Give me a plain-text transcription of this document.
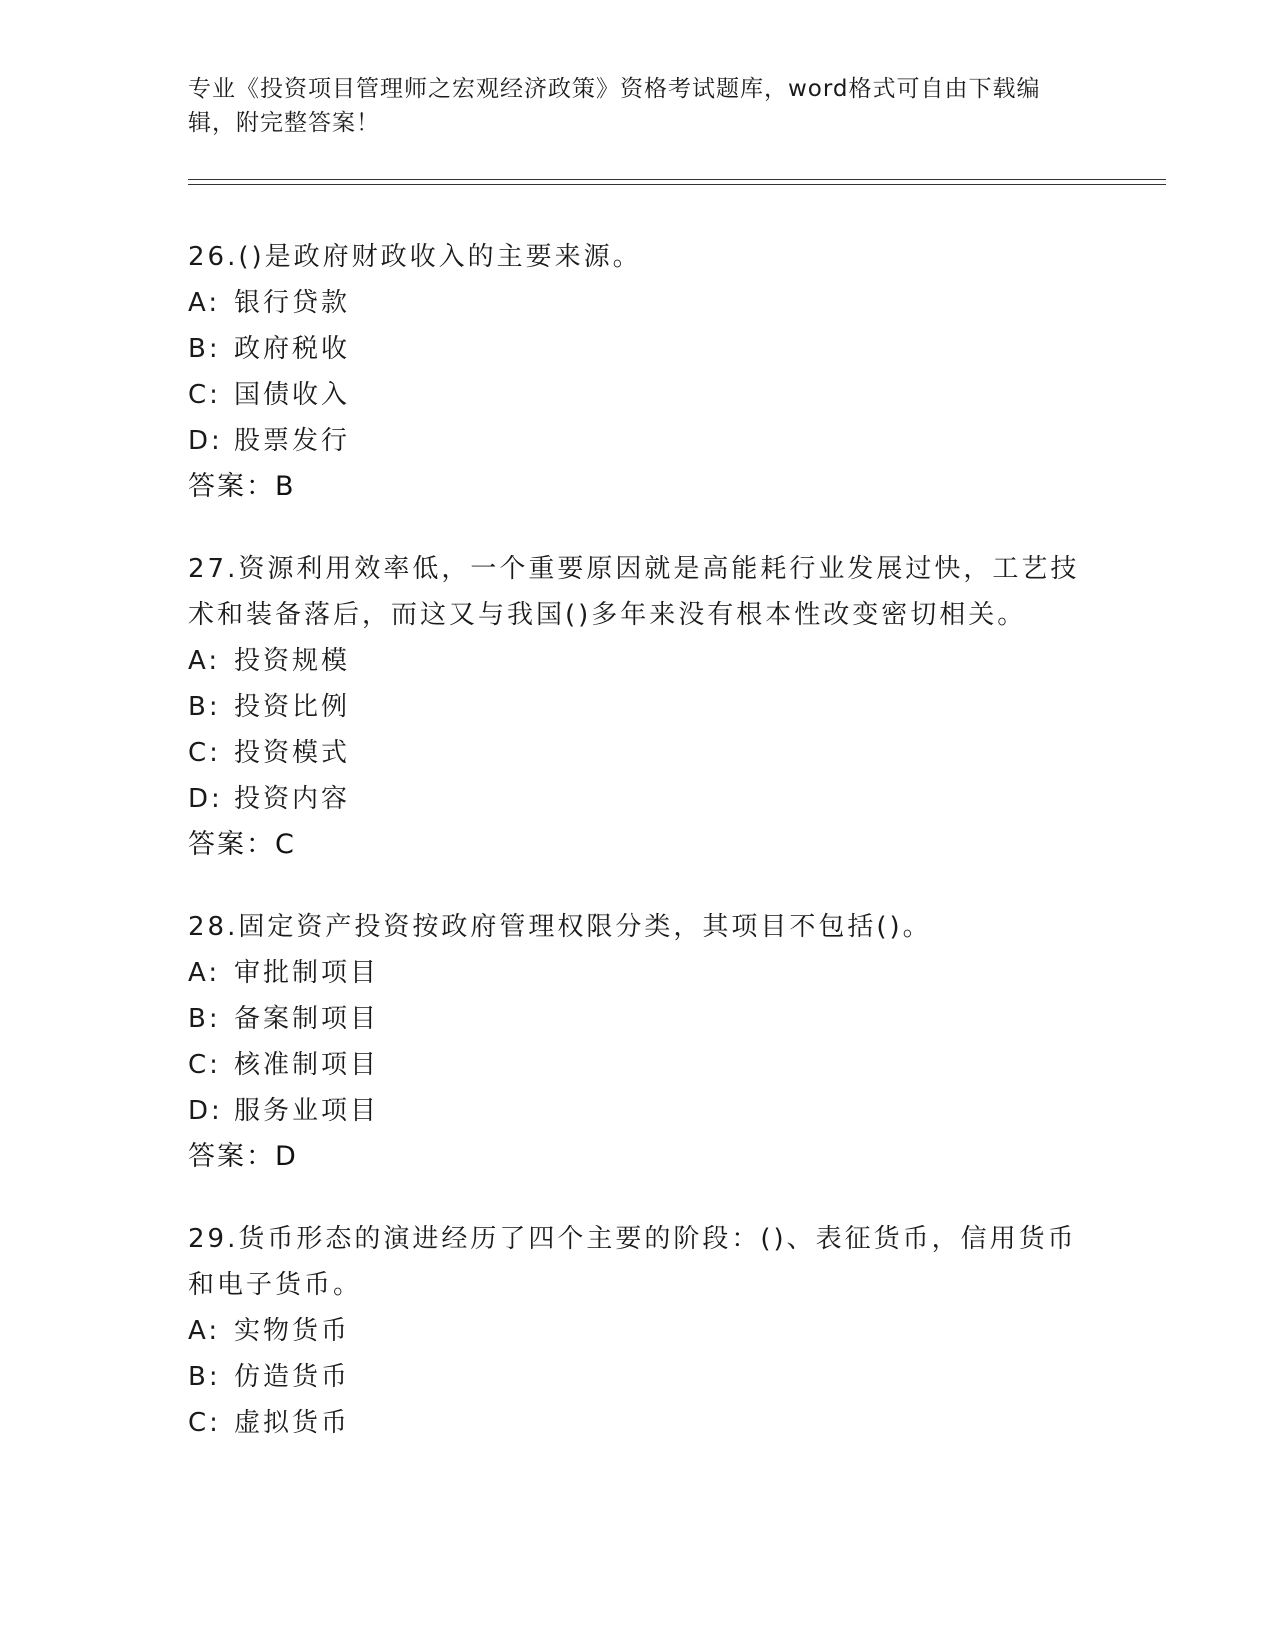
专业《投资项目管理师之宏观经济政策》资格考试题库，word格式可自由下载编
辑，附完整答案！

26.()是政府财政收入的主要来源。

A: 银行贷款

B: 政府税收

C: 国债收入

D: 股票发行

答案：B

27.资源利用效率低，一个重要原因就是高能耗行业发展过快，工艺技术和装备落后，而这又与我国()多年来没有根本性改变密切相关。

A: 投资规模

B: 投资比例

C: 投资模式

D: 投资内容

答案：C

28.固定资产投资按政府管理权限分类，其项目不包括()。

A: 审批制项目

B: 备案制项目

C: 核准制项目

D: 服务业项目

答案：D

29.货币形态的演进经历了四个主要的阶段：()、表征货币，信用货币和电子货币。

A: 实物货币

B: 仿造货币

C: 虚拟货币
